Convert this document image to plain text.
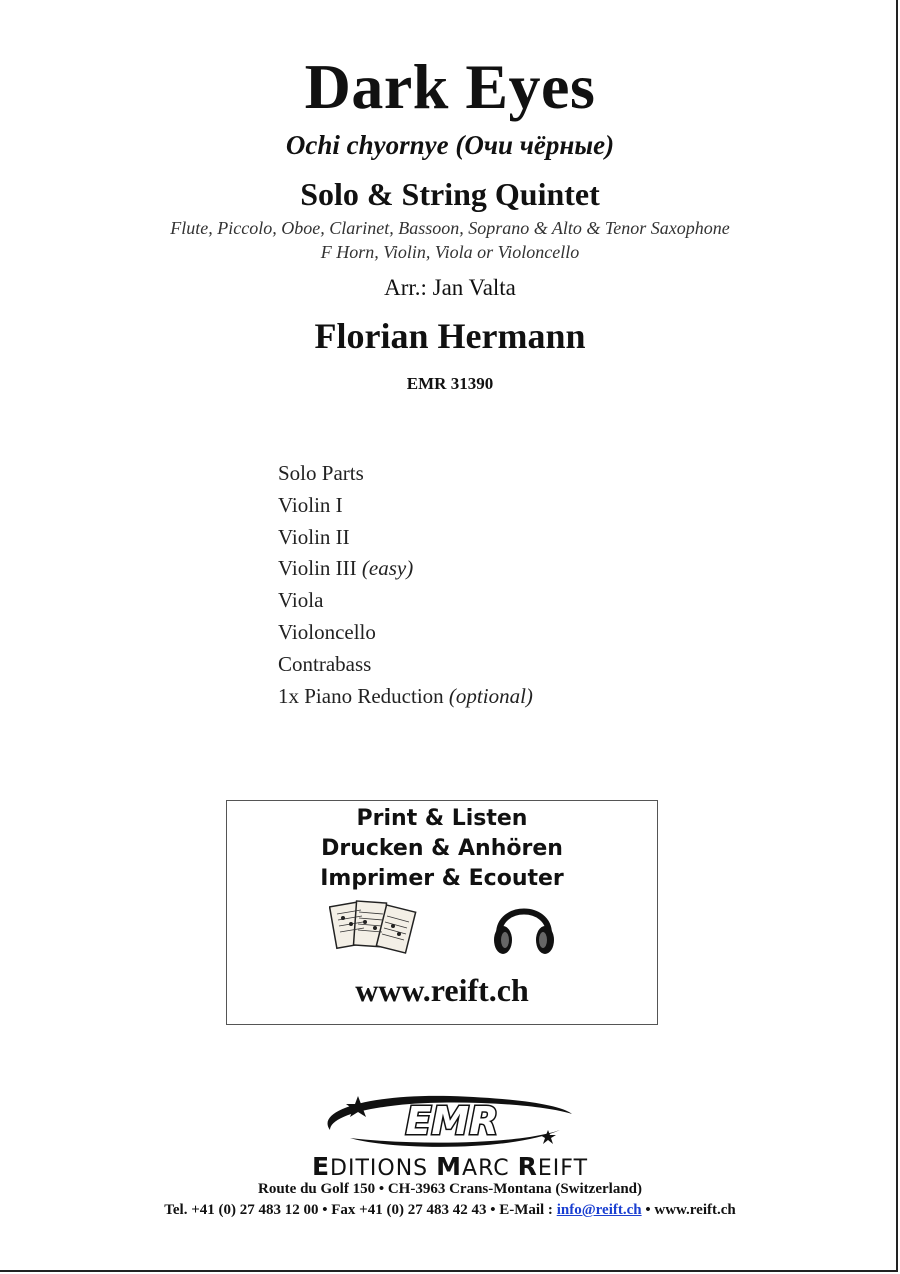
Dark Eyes
Ochi chyornye (Очи чёрные)
Solo & String Quintet
Flute, Piccolo, Oboe, Clarinet, Bassoon, Soprano & Alto & Tenor Saxophone
F Horn, Violin, Viola or Violoncello
Arr.: Jan Valta
Florian Hermann
EMR 31390
Solo Parts
Violin I
Violin II
Violin III (easy)
Viola
Violoncello
Contrabass
1x Piano Reduction (optional)
Print & Listen
Drucken & Anhören
Imprimer & Ecouter
www.reift.ch
EMR
EDITIONS MARC REIFT
Route du Golf 150 • CH-3963 Crans-Montana (Switzerland)
Tel. +41 (0) 27 483 12 00 • Fax +41 (0) 27 483 42 43 • E-Mail : info@reift.ch • www.reift.ch
